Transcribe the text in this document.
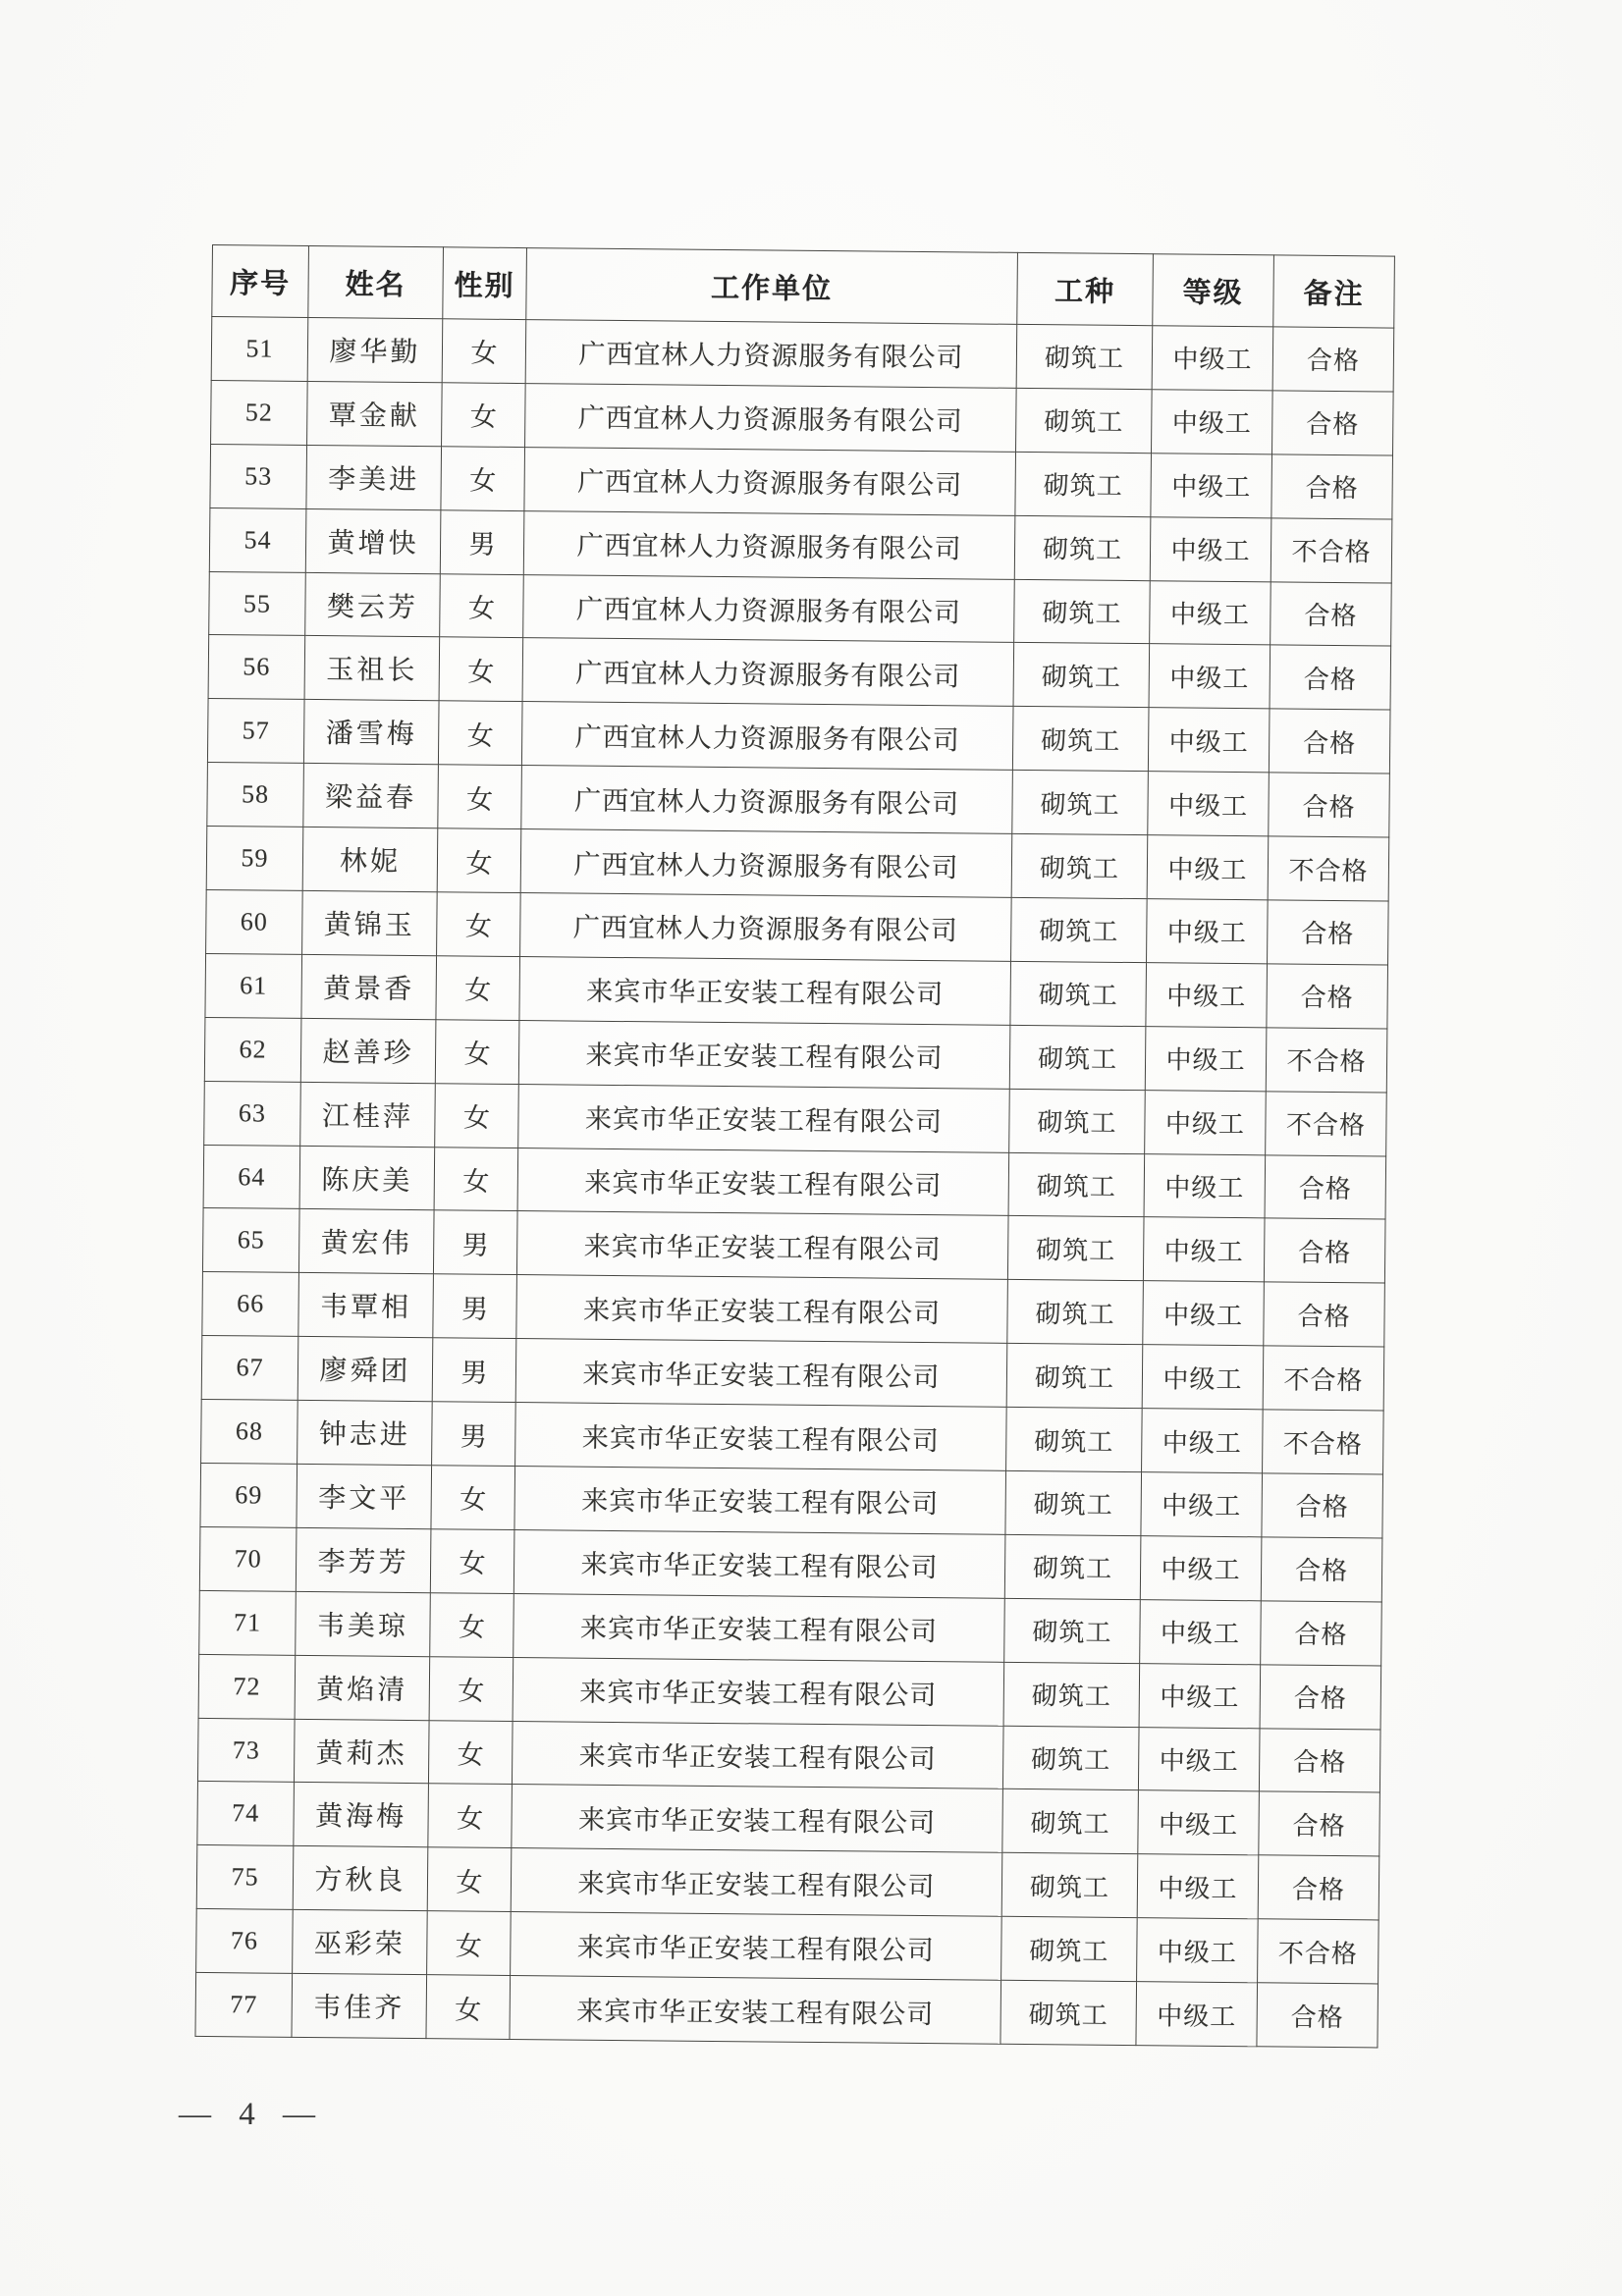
序号	姓名	性别	工作单位	工种	等级	备注
51	廖华勤	女	广西宜林人力资源服务有限公司	砌筑工	中级工	合格
52	覃金献	女	广西宜林人力资源服务有限公司	砌筑工	中级工	合格
53	李美进	女	广西宜林人力资源服务有限公司	砌筑工	中级工	合格
54	黄增快	男	广西宜林人力资源服务有限公司	砌筑工	中级工	不合格
55	樊云芳	女	广西宜林人力资源服务有限公司	砌筑工	中级工	合格
56	玉祖长	女	广西宜林人力资源服务有限公司	砌筑工	中级工	合格
57	潘雪梅	女	广西宜林人力资源服务有限公司	砌筑工	中级工	合格
58	梁益春	女	广西宜林人力资源服务有限公司	砌筑工	中级工	合格
59	林妮	女	广西宜林人力资源服务有限公司	砌筑工	中级工	不合格
60	黄锦玉	女	广西宜林人力资源服务有限公司	砌筑工	中级工	合格
61	黄景香	女	来宾市华正安装工程有限公司	砌筑工	中级工	合格
62	赵善珍	女	来宾市华正安装工程有限公司	砌筑工	中级工	不合格
63	江桂萍	女	来宾市华正安装工程有限公司	砌筑工	中级工	不合格
64	陈庆美	女	来宾市华正安装工程有限公司	砌筑工	中级工	合格
65	黄宏伟	男	来宾市华正安装工程有限公司	砌筑工	中级工	合格
66	韦覃相	男	来宾市华正安装工程有限公司	砌筑工	中级工	合格
67	廖舜团	男	来宾市华正安装工程有限公司	砌筑工	中级工	不合格
68	钟志进	男	来宾市华正安装工程有限公司	砌筑工	中级工	不合格
69	李文平	女	来宾市华正安装工程有限公司	砌筑工	中级工	合格
70	李芳芳	女	来宾市华正安装工程有限公司	砌筑工	中级工	合格
71	韦美琼	女	来宾市华正安装工程有限公司	砌筑工	中级工	合格
72	黄焰清	女	来宾市华正安装工程有限公司	砌筑工	中级工	合格
73	黄莉杰	女	来宾市华正安装工程有限公司	砌筑工	中级工	合格
74	黄海梅	女	来宾市华正安装工程有限公司	砌筑工	中级工	合格
75	方秋良	女	来宾市华正安装工程有限公司	砌筑工	中级工	合格
76	巫彩荣	女	来宾市华正安装工程有限公司	砌筑工	中级工	不合格
77	韦佳齐	女	来宾市华正安装工程有限公司	砌筑工	中级工	合格
— 4 —
